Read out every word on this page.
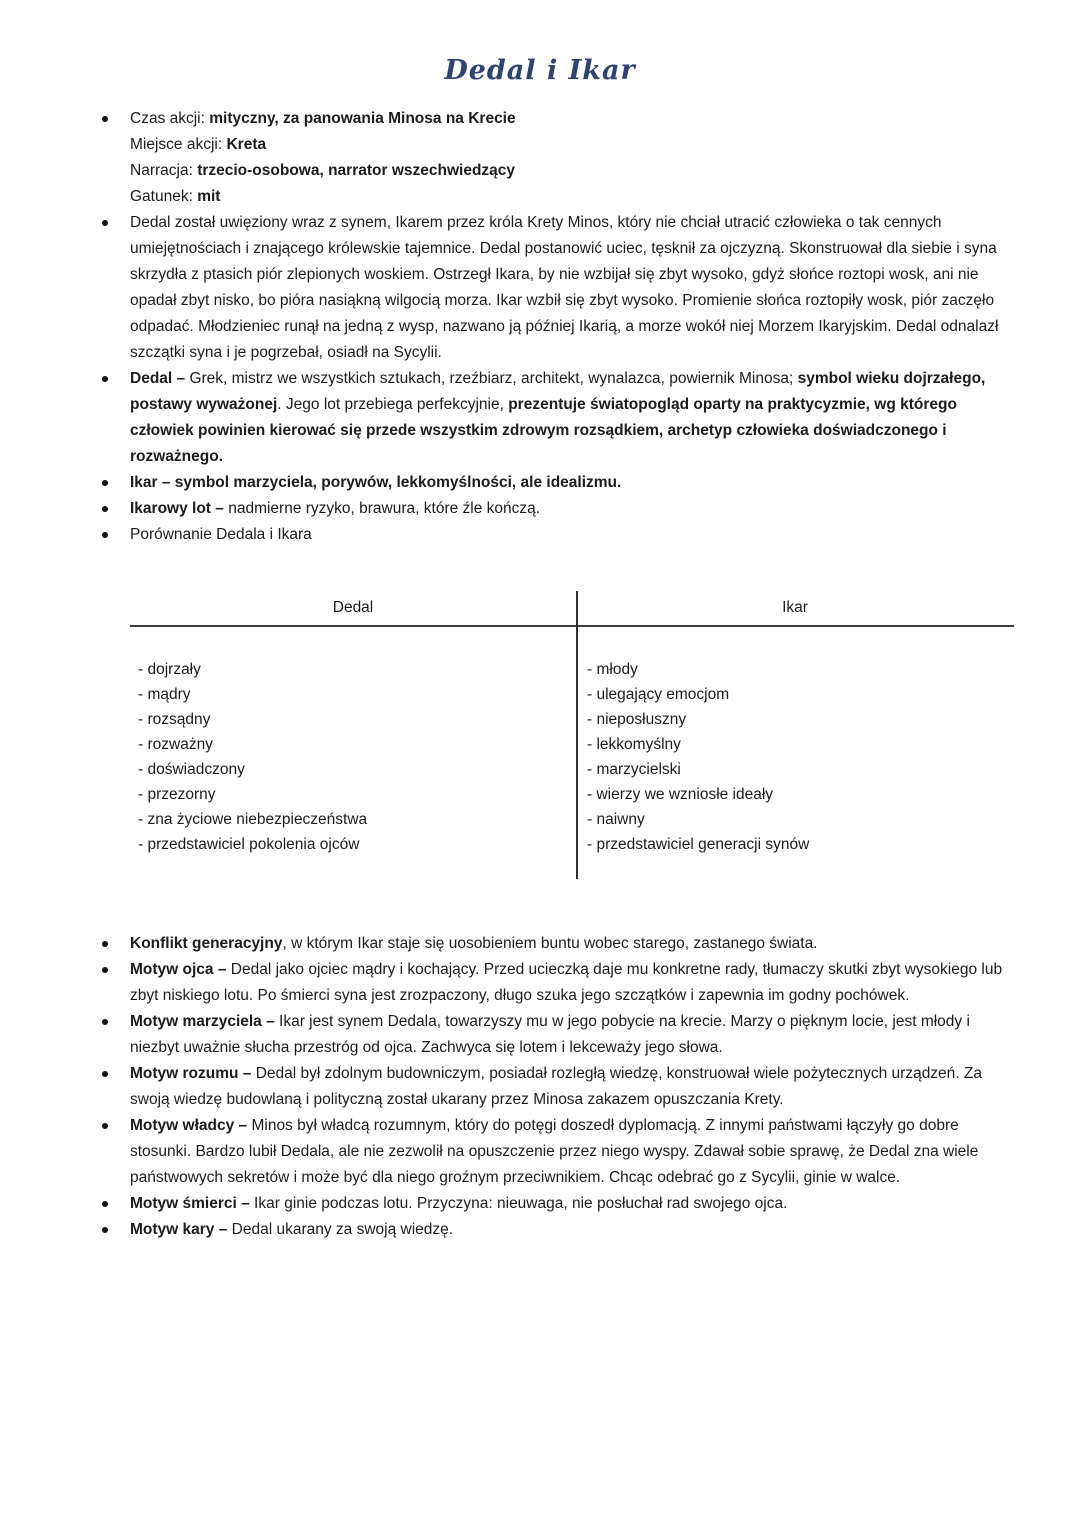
Dedal i Ikar
Czas akcji: mityczny, za panowania Minosa na Krecie
Miejsce akcji: Kreta
Narracja: trzecio-osobowa, narrator wszechwiedzący
Gatunek: mit
Dedal został uwięziony wraz z synem, Ikarem przez króla Krety Minos, który nie chciał utracić człowieka o tak cennych umiejętnościach i znającego królewskie tajemnice. Dedal postanowić uciec, tęsknił za ojczyzną. Skonstruował dla siebie i syna skrzydła z ptasich piór zlepionych woskiem. Ostrzegł Ikara, by nie wzbijał się zbyt wysoko, gdyż słońce roztopi wosk, ani nie opadał zbyt nisko, bo pióra nasiąkną wilgocią morza. Ikar wzbił się zbyt wysoko. Promienie słońca roztopiły wosk, piór zaczęło odpadać. Młodzieniec runął na jedną z wysp, nazwano ją później Ikarią, a morze wokół niej Morzem Ikaryjskim. Dedal odnalazł szczątki syna i je pogrzebał, osiadł na Sycylii.
Dedal – Grek, mistrz we wszystkich sztukach, rzeźbiarz, architekt, wynalazca, powiernik Minosa; symbol wieku dojrzałego, postawy wyważonej. Jego lot przebiega perfekcyjnie, prezentuje światopogląd oparty na praktycyzmie, wg którego człowiek powinien kierować się przede wszystkim zdrowym rozsądkiem, archetyp człowieka doświadczonego i rozważnego.
Ikar – symbol marzyciela, porywów, lekkomyślności, ale idealizmu.
Ikarowy lot – nadmierne ryzyko, brawura, które źle kończą.
Porównanie Dedala i Ikara
Dedal	Ikar
- dojrzały
- mądry
- rozsądny
- rozważny
- doświadczony
- przezorny
- zna życiowe niebezpieczeństwa
- przedstawiciel pokolenia ojców
- młody
- ulegający emocjom
- nieposłuszny
- lekkomyślny
- marzycielski
- wierzy we wzniosłe ideały
- naiwny
- przedstawiciel generacji synów
Konflikt generacyjny, w którym Ikar staje się uosobieniem buntu wobec starego, zastanego świata.
Motyw ojca – Dedal jako ojciec mądry i kochający. Przed ucieczką daje mu konkretne rady, tłumaczy skutki zbyt wysokiego lub zbyt niskiego lotu. Po śmierci syna jest zrozpaczony, długo szuka jego szczątków i zapewnia im godny pochówek.
Motyw marzyciela – Ikar jest synem Dedala, towarzyszy mu w jego pobycie na krecie. Marzy o pięknym locie, jest młody i niezbyt uważnie słucha przestróg od ojca. Zachwyca się lotem i lekceważy jego słowa.
Motyw rozumu – Dedal był zdolnym budowniczym, posiadał rozległą wiedzę, konstruował wiele pożytecznych urządzeń. Za swoją wiedzę budowlaną i polityczną został ukarany przez Minosa zakazem opuszczania Krety.
Motyw władcy – Minos był władcą rozumnym, który do potęgi doszedł dyplomacją. Z innymi państwami łączyły go dobre stosunki. Bardzo lubił Dedala, ale nie zezwolił na opuszczenie przez niego wyspy. Zdawał sobie sprawę, że Dedal zna wiele państwowych sekretów i może być dla niego groźnym przeciwnikiem. Chcąc odebrać go z Sycylii, ginie w walce.
Motyw śmierci – Ikar ginie podczas lotu. Przyczyna: nieuwaga, nie posłuchał rad swojego ojca.
Motyw kary – Dedal ukarany za swoją wiedzę.
